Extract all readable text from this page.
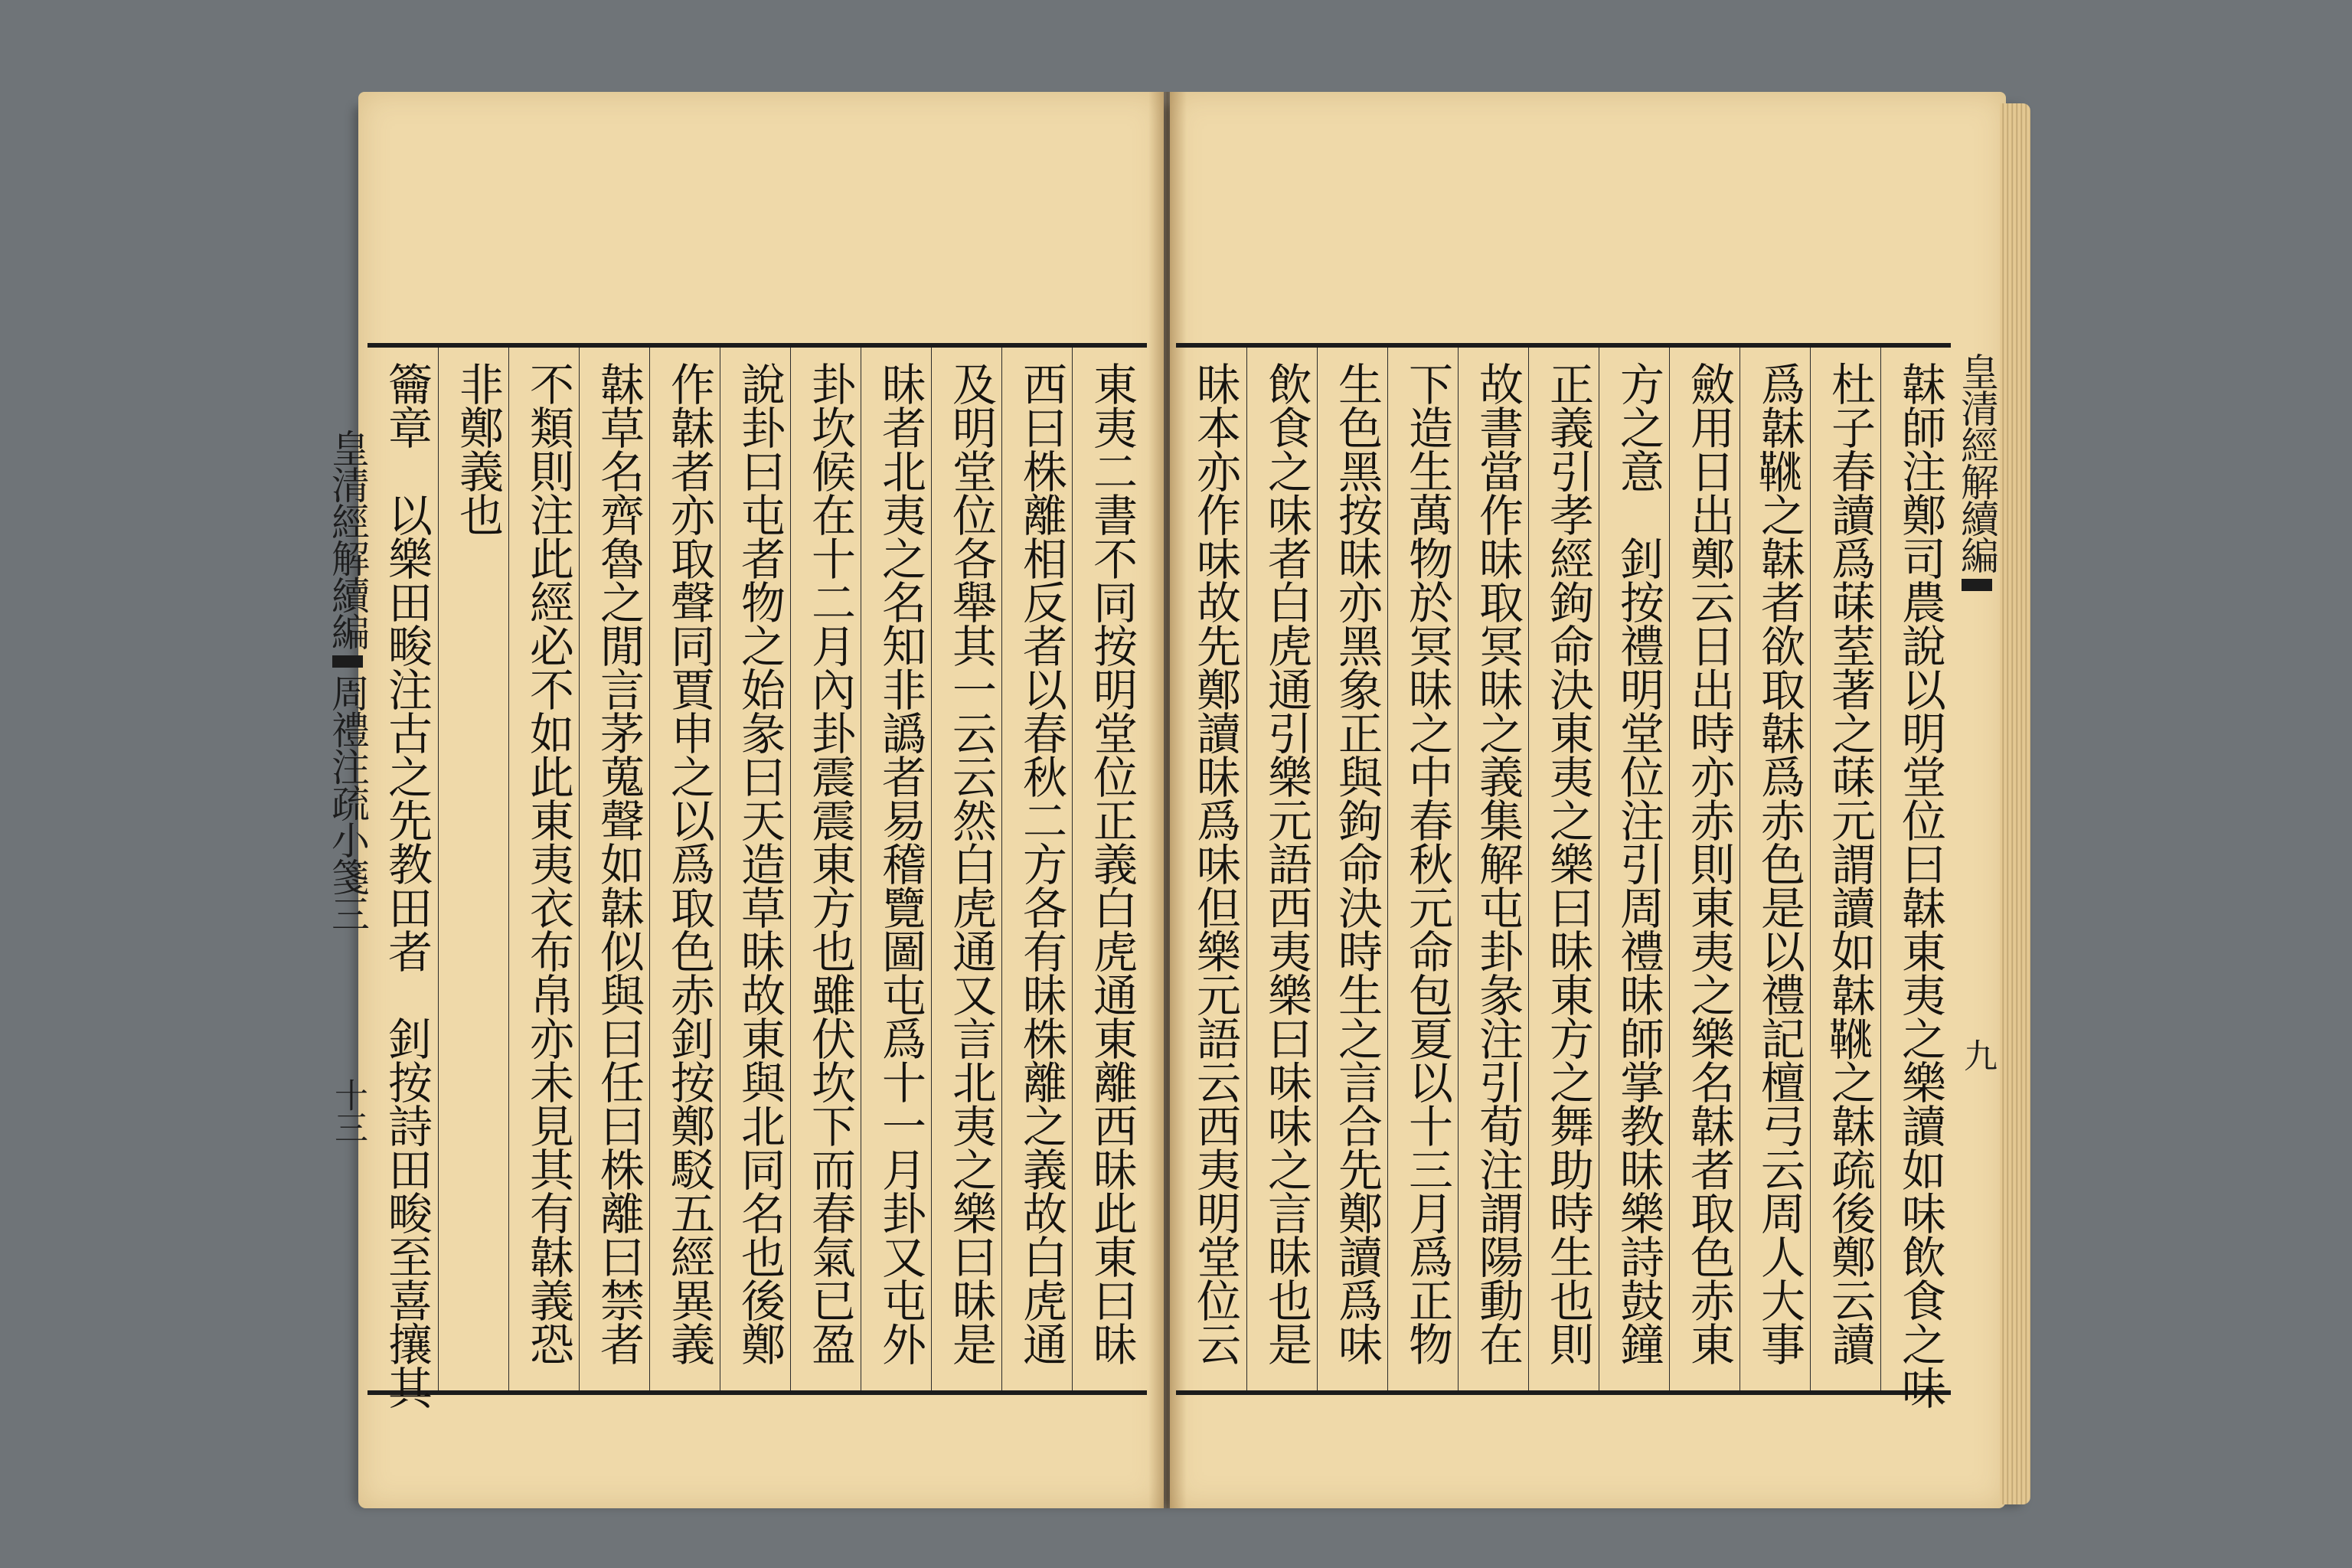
籥章　以樂田畯注古之先教田者　釗按詩田畯至喜攘其 非鄭義也 不類則注此經必不如此東夷衣布帛亦未見其有韎義恐 韎草名齊魯之閒言茅蒐聲如韎似與曰任曰株離曰禁者 作韎者亦取聲同賈申之以爲取色赤釗按鄭駁五經異義 說卦曰屯者物之始彖曰天造草昧故東與北同名也後鄭 卦坎候在十二月內卦震震東方也雖伏坎下而春氣已盈 昧者北夷之名知非譌者易稽覽圖屯爲十一月卦又屯外 及明堂位各舉其一云云然白虎通又言北夷之樂曰昧是 西曰株離相反者以春秋二方各有昧株離之義故白虎通 東夷二書不同按明堂位正義白虎通東離西昧此東曰昧
皇清經解續編周禮注疏小箋三　　　　十三	昧本亦作味故先鄭讀昧爲味但樂元語云西夷明堂位云 飲食之味者白虎通引樂元語西夷樂曰味味之言昧也是 生色黑按昧亦黑象正與鉤命決時生之言合先鄭讀爲味 下造生萬物於冥昧之中春秋元命包夏以十三月爲正物 故書當作昧取冥昧之義集解屯卦彖注引荀注謂陽動在 正義引孝經鉤命決東夷之樂曰昧東方之舞助時生也則 方之意　釗按禮明堂位注引周禮昧師掌教昧樂詩鼓鐘 斂用日出鄭云日出時亦赤則東夷之樂名韎者取色赤東 爲韎𩋍之韎者欲取韎爲赤色是以禮記檀弓云周人大事 杜子春讀爲菋荎著之菋元謂讀如韎𩋍之韎疏後鄭云讀 韎師注鄭司農說以明堂位曰韎東夷之樂讀如味飲食之味 皇清經解續編　　　　　　　　　　　　九
